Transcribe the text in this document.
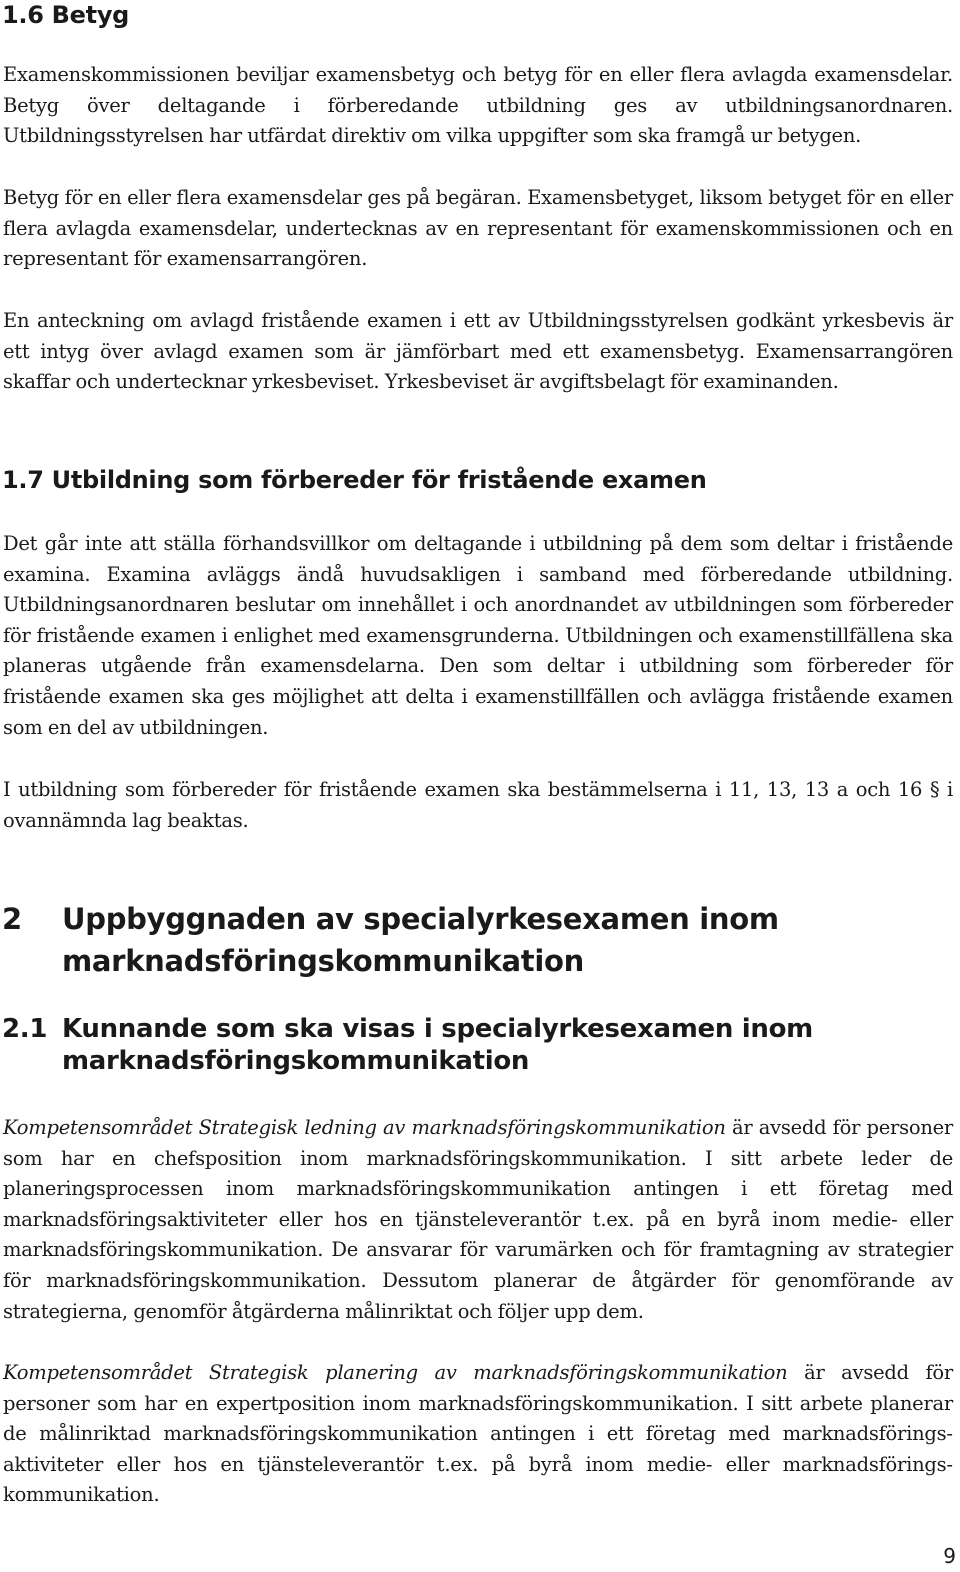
1.6 Betyg

Examenskommissionen beviljar examensbetyg och betyg för en eller flera avlagda examensdelar. Betyg över deltagande i förberedande utbildning ges av utbildningsanordnaren. Utbildningsstyrelsen har utfärdat direktiv om vilka uppgifter som ska framgå ur betygen.

Betyg för en eller flera examensdelar ges på begäran. Examensbetyget, liksom betyget för en eller flera avlagda examensdelar, undertecknas av en representant för examenskommissionen och en representant för examensarrangören.

En anteckning om avlagd fristående examen i ett av Utbildningsstyrelsen godkänt yrkesbevis är ett intyg över avlagd examen som är jämförbart med ett examensbetyg. Examensarrangören skaffar och undertecknar yrkesbeviset. Yrkesbeviset är avgiftsbelagt för examinanden.

1.7 Utbildning som förbereder för fristående examen

Det går inte att ställa förhandsvillkor om deltagande i utbildning på dem som deltar i fristående examina. Examina avläggs ändå huvudsakligen i samband med förberedande utbildning. Utbildningsanordnaren beslutar om innehållet i och anordnandet av utbildningen som förbereder för fristående examen i enlighet med examensgrunderna. Utbildningen och examenstillfällena ska planeras utgående från examensdelarna. Den som deltar i utbildning som förbereder för fristående examen ska ges möjlighet att delta i examenstillfällen och avlägga fristående examen som en del av utbildningen.

I utbildning som förbereder för fristående examen ska bestämmelserna i 11, 13, 13 a och 16 § i ovannämnda lag beaktas.

2 Uppbyggnaden av specialyrkesexamen inom marknadsföringskommunikation
2.1 Kunnande som ska visas i specialyrkesexamen inom marknadsföringskommunikation

Kompetensområdet Strategisk ledning av marknadsföringskommunikation är avsedd för personer som har en chefsposition inom marknadsföringskommunikation. I sitt arbete leder de planeringsprocessen inom marknadsföringskommunikation antingen i ett företag med marknadsföringsaktiviteter eller hos en tjänsteleverantör t.ex. på en byrå inom medie- eller marknadsföringskommunikation. De ansvarar för varumärken och för framtagning av strategier för marknadsföringskommunikation. Dessutom planerar de åtgärder för genomförande av strategierna, genomför åtgärderna målinriktat och följer upp dem.

Kompetensområdet Strategisk planering av marknadsföringskommunikation är avsedd för personer som har en expertposition inom marknadsföringskommunikation. I sitt arbete planerar de målinriktad marknadsföringskommunikation antingen i ett företag med marknadsföringsaktiviteter eller hos en tjänsteleverantör t.ex. på byrå inom medie- eller marknadsföringskommunikation.

9
